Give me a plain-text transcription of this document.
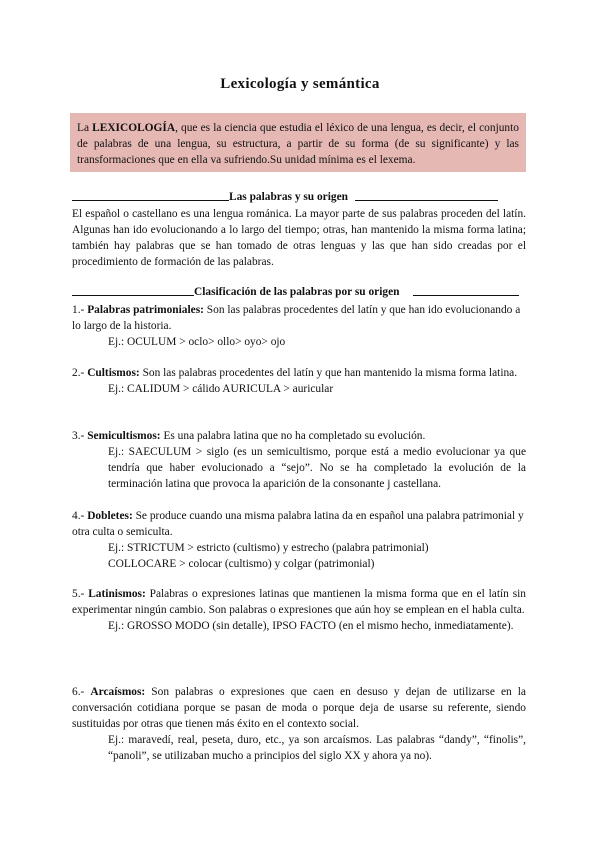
Lexicología y semántica
La LEXICOLOGÍA, que es la ciencia que estudia el léxico de una lengua, es decir, el conjunto de palabras de una lengua, su estructura, a partir de su forma (de su significante) y las transformaciones que en ella va sufriendo.Su unidad mínima es el lexema.
Las palabras y su origen
El español o castellano es una lengua románica. La mayor parte de sus palabras proceden del latín. Algunas han ido evolucionando a lo largo del tiempo; otras, han mantenido la misma forma latina; también hay palabras que se han tomado de otras lenguas y las que han sido creadas por el procedimiento de formación de las palabras.
Clasificación de las palabras por su origen
1.- Palabras patrimoniales: Son las palabras procedentes del latín y que han ido evolucionando a lo largo de la historia.
Ej.: OCULUM > oclo> ollo> oyo> ojo
2.- Cultismos: Son las palabras procedentes del latín y que han mantenido la misma forma latina.
Ej.: CALIDUM > cálido AURICULA > auricular
3.- Semicultismos: Es una palabra latina que no ha completado su evolución.
Ej.: SAECULUM > siglo (es un semicultismo, porque está a medio evolucionar ya que tendría que haber evolucionado a “sejo”. No se ha completado la evolución de la terminación latina que provoca la aparición de la consonante j castellana.
4.- Dobletes: Se produce cuando una misma palabra latina da en español una palabra patrimonial y otra culta o semiculta.
Ej.: STRICTUM > estricto (cultismo) y estrecho (palabra patrimonial)
COLLOCARE > colocar (cultismo) y colgar (patrimonial)
5.- Latinismos: Palabras o expresiones latinas que mantienen la misma forma que en el latín sin experimentar ningún cambio. Son palabras o expresiones que aún hoy se emplean en el habla culta.
Ej.: GROSSO MODO (sin detalle), IPSO FACTO (en el mismo hecho, inmediatamente).
6.- Arcaísmos: Son palabras o expresiones que caen en desuso y dejan de utilizarse en la conversación cotidiana porque se pasan de moda o porque deja de usarse su referente, siendo sustituidas por otras que tienen más éxito en el contexto social.
Ej.: maravedí, real, peseta, duro, etc., ya son arcaísmos. Las palabras “dandy”, “finolis”, “panoli”, se utilizaban mucho a principios del siglo XX y ahora ya no).
